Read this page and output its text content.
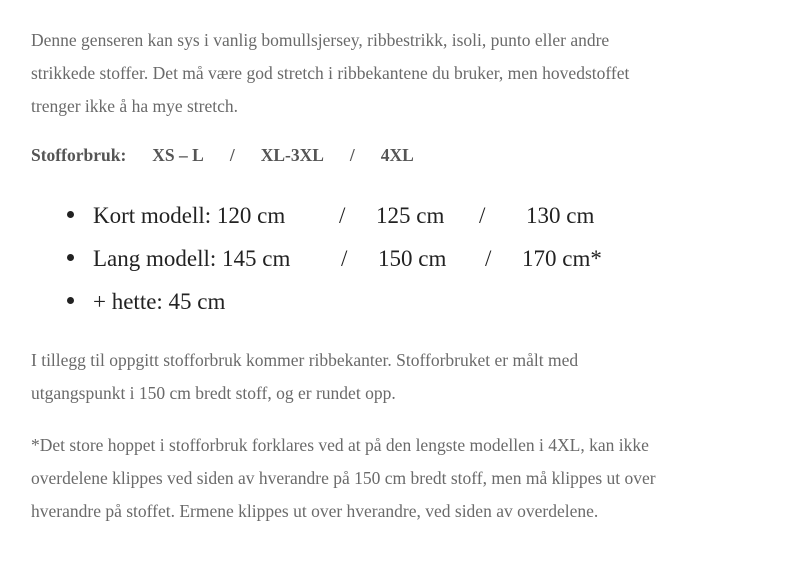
Denne genseren kan sys i vanlig bomullsjersey, ribbestrikk, isoli, punto eller andre
strikkede stoffer. Det må være god stretch i ribbekantene du bruker, men hovedstoffet
trenger ikke å ha mye stretch.

Stofforbruk: XS – L / XL-3XL / 4XL
Kort modell: 120 cm	/	125 cm	/	130 cm
Lang modell: 145 cm	/	150 cm	/	170 cm*
+ hette: 45 cm

I tillegg til oppgitt stofforbruk kommer ribbekanter. Stofforbruket er målt med
utgangspunkt i 150 cm bredt stoff, og er rundet opp.

*Det store hoppet i stofforbruk forklares ved at på den lengste modellen i 4XL, kan ikke
overdelene klippes ved siden av hverandre på 150 cm bredt stoff, men må klippes ut over
hverandre på stoffet. Ermene klippes ut over hverandre, ved siden av overdelene.
